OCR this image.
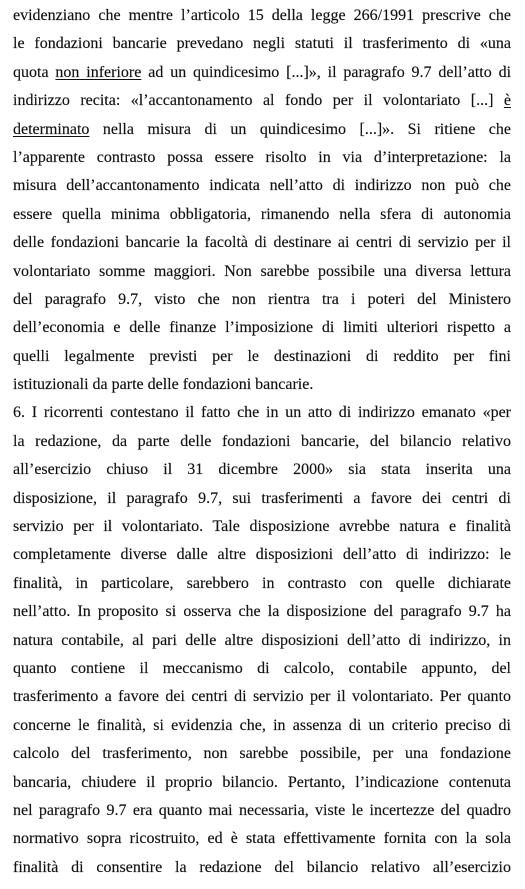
evidenziano che mentre l’articolo 15 della legge 266/1991 prescrive che
le fondazioni bancarie prevedano negli statuti il trasferimento di «una
quota non inferiore ad un quindicesimo [...]», il paragrafo 9.7 dell’atto di
indirizzo recita: «l’accantonamento al fondo per il volontariato [...] è
determinato nella misura di un quindicesimo [...]». Si ritiene che
l’apparente contrasto possa essere risolto in via d’interpretazione: la
misura dell’accantonamento indicata nell’atto di indirizzo non può che
essere quella minima obbligatoria, rimanendo nella sfera di autonomia
delle fondazioni bancarie la facoltà di destinare ai centri di servizio per il
volontariato somme maggiori. Non sarebbe possibile una diversa lettura
del paragrafo 9.7, visto che non rientra tra i poteri del Ministero
dell’economia e delle finanze l’imposizione di limiti ulteriori rispetto a
quelli legalmente previsti per le destinazioni di reddito per fini
istituzionali da parte delle fondazioni bancarie.
6. I ricorrenti contestano il fatto che in un atto di indirizzo emanato «per
la redazione, da parte delle fondazioni bancarie, del bilancio relativo
all’esercizio chiuso il 31 dicembre 2000» sia stata inserita una
disposizione, il paragrafo 9.7, sui trasferimenti a favore dei centri di
servizio per il volontariato. Tale disposizione avrebbe natura e finalità
completamente diverse dalle altre disposizioni dell’atto di indirizzo: le
finalità, in particolare, sarebbero in contrasto con quelle dichiarate
nell’atto. In proposito si osserva che la disposizione del paragrafo 9.7 ha
natura contabile, al pari delle altre disposizioni dell’atto di indirizzo, in
quanto contiene il meccanismo di calcolo, contabile appunto, del
trasferimento a favore dei centri di servizio per il volontariato. Per quanto
concerne le finalità, si evidenzia che, in assenza di un criterio preciso di
calcolo del trasferimento, non sarebbe possibile, per una fondazione
bancaria, chiudere il proprio bilancio. Pertanto, l’indicazione contenuta
nel paragrafo 9.7 era quanto mai necessaria, viste le incertezze del quadro
normativo sopra ricostruito, ed è stata effettivamente fornita con la sola
finalità di consentire la redazione del bilancio relativo all’esercizio
